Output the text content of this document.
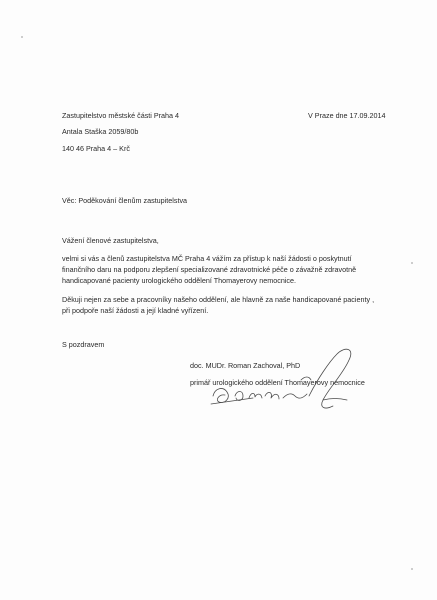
Zastupitelstvo městské části Praha 4
Antala Staška 2059/80b
140 46 Praha 4 – Krč
V Praze dne 17.09.2014
Věc: Poděkování členům zastupitelstva
Vážení členové zastupitelstva,
velmi si vás a členů zastupitelstva MČ Praha 4 vážím za přístup k naší žádosti o poskytnutí
finančního daru na podporu zlepšení specializované zdravotnické péče o závažně zdravotně
handicapované pacienty urologického oddělení Thomayerovy nemocnice.
Děkuji nejen za sebe a pracovníky našeho oddělení, ale hlavně za naše handicapované pacienty ,
při podpoře naší žádosti a její kladné vyřízení.
S pozdravem
doc. MUDr. Roman Zachoval, PhD
primář urologického oddělení Thomayerovy nemocnice
